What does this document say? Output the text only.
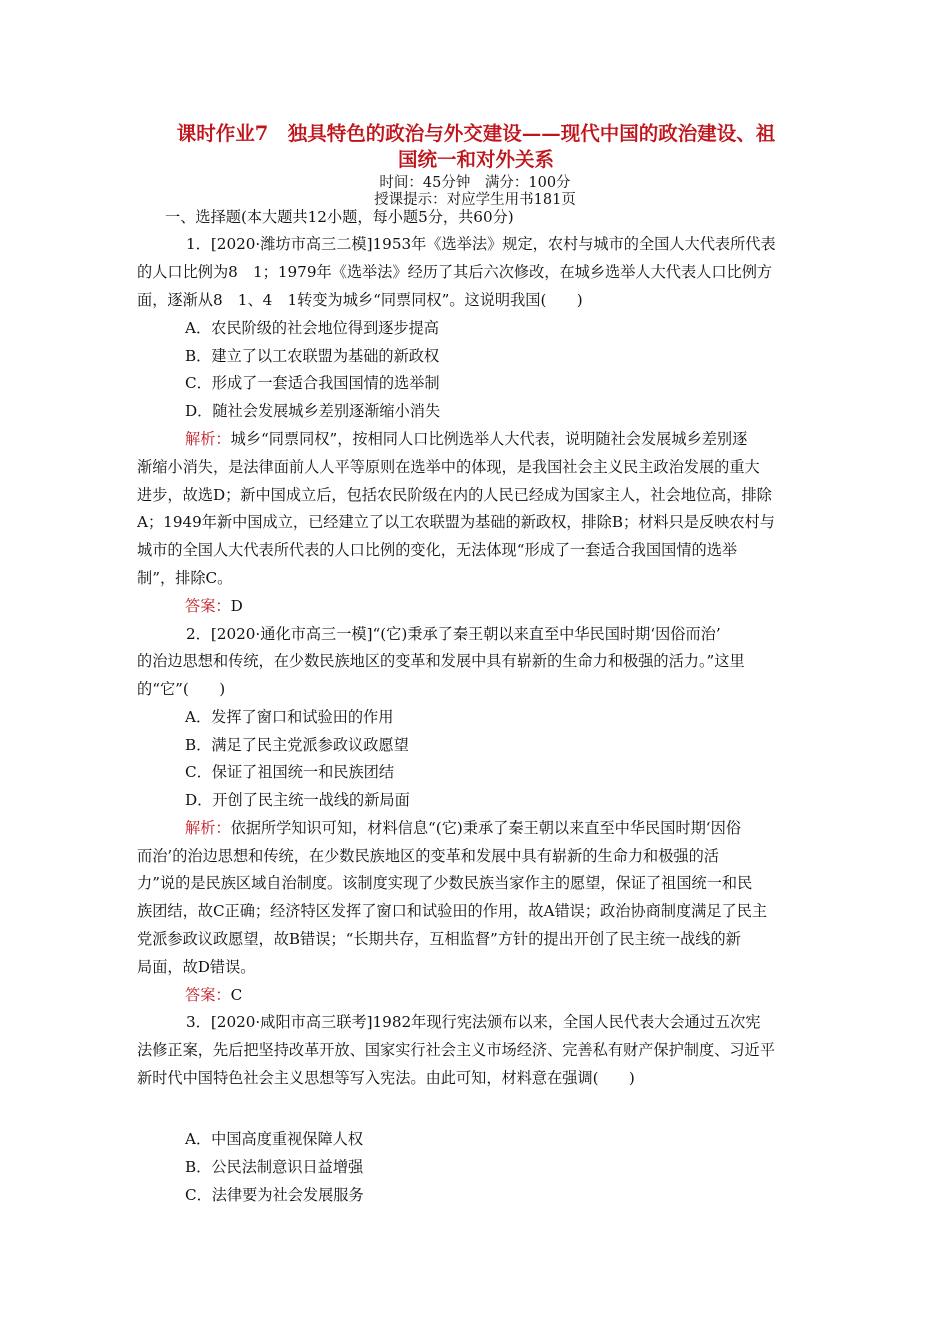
课时作业7　独具特色的政治与外交建设——现代中国的政治建设、祖
国统一和对外关系
时间：45分钟　满分：100分
授课提示：对应学生用书181页
一、选择题(本大题共12小题，每小题5分，共60分)
1．[2020·潍坊市高三二模]1953年《选举法》规定，农村与城市的全国人大代表所代表
的人口比例为8　1；1979年《选举法》经历了其后六次修改，在城乡选举人大代表人口比例方
面，逐渐从8　1、4　1转变为城乡“同票同权”。这说明我国(　　)
A．农民阶级的社会地位得到逐步提高
B．建立了以工农联盟为基础的新政权
C．形成了一套适合我国国情的选举制
D．随社会发展城乡差别逐渐缩小消失
解析：城乡“同票同权”，按相同人口比例选举人大代表，说明随社会发展城乡差别逐
渐缩小消失，是法律面前人人平等原则在选举中的体现，是我国社会主义民主政治发展的重大
进步，故选D；新中国成立后，包括农民阶级在内的人民已经成为国家主人，社会地位高，排除
A；1949年新中国成立，已经建立了以工农联盟为基础的新政权，排除B；材料只是反映农村与
城市的全国人大代表所代表的人口比例的变化，无法体现“形成了一套适合我国国情的选举
制”，排除C。
答案：D
2．[2020·通化市高三一模]“(它)秉承了秦王朝以来直至中华民国时期‘因俗而治’
的治边思想和传统，在少数民族地区的变革和发展中具有崭新的生命力和极强的活力。”这里
的“它”(　　)
A．发挥了窗口和试验田的作用
B．满足了民主党派参政议政愿望
C．保证了祖国统一和民族团结
D．开创了民主统一战线的新局面
解析：依据所学知识可知，材料信息“(它)秉承了秦王朝以来直至中华民国时期‘因俗
而治’的治边思想和传统，在少数民族地区的变革和发展中具有崭新的生命力和极强的活
力”说的是民族区域自治制度。该制度实现了少数民族当家作主的愿望，保证了祖国统一和民
族团结，故C正确；经济特区发挥了窗口和试验田的作用，故A错误；政治协商制度满足了民主
党派参政议政愿望，故B错误；“长期共存，互相监督”方针的提出开创了民主统一战线的新
局面，故D错误。
答案：C
3．[2020·咸阳市高三联考]1982年现行宪法颁布以来，全国人民代表大会通过五次宪
法修正案，先后把坚持改革开放、国家实行社会主义市场经济、完善私有财产保护制度、习近平
新时代中国特色社会主义思想等写入宪法。由此可知，材料意在强调(　　)
A．中国高度重视保障人权
B．公民法制意识日益增强
C．法律要为社会发展服务
